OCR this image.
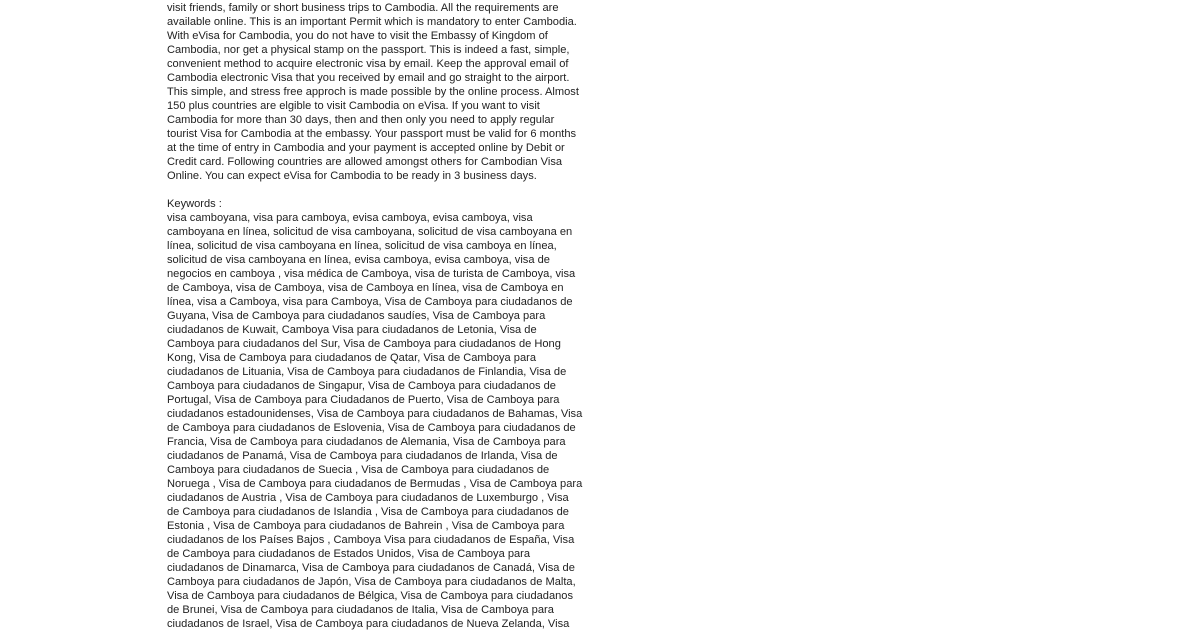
visit friends, family or short business trips to Cambodia. All the requirements are
available online. This is an important Permit which is mandatory to enter Cambodia.
With eVisa for Cambodia, you do not have to visit the Embassy of Kingdom of
Cambodia, nor get a physical stamp on the passport. This is indeed a fast, simple,
convenient method to acquire electronic visa by email. Keep the approval email of
Cambodia electronic Visa that you received by email and go straight to the airport.
This simple, and stress free approch is made possible by the online process. Almost
150 plus countries are elgible to visit Cambodia on eVisa. If you want to visit
Cambodia for more than 30 days, then and then only you need to apply regular
tourist Visa for Cambodia at the embassy. Your passport must be valid for 6 months
at the time of entry in Cambodia and your payment is accepted online by Debit or
Credit card. Following countries are allowed amongst others for Cambodian Visa
Online. You can expect eVisa for Cambodia to be ready in 3 business days.
Keywords :
visa camboyana, visa para camboya, evisa camboya, evisa camboya, visa
camboyana en línea, solicitud de visa camboyana, solicitud de visa camboyana en
línea, solicitud de visa camboyana en línea, solicitud de visa camboya en línea,
solicitud de visa camboyana en línea, evisa camboya, evisa camboya, visa de
negocios en camboya , visa médica de Camboya, visa de turista de Camboya, visa
de Camboya, visa de Camboya, visa de Camboya en línea, visa de Camboya en
línea, visa a Camboya, visa para Camboya, Visa de Camboya para ciudadanos de
Guyana, Visa de Camboya para ciudadanos saudíes, Visa de Camboya para
ciudadanos de Kuwait, Camboya Visa para ciudadanos de Letonia, Visa de
Camboya para ciudadanos del Sur, Visa de Camboya para ciudadanos de Hong
Kong, Visa de Camboya para ciudadanos de Qatar, Visa de Camboya para
ciudadanos de Lituania, Visa de Camboya para ciudadanos de Finlandia, Visa de
Camboya para ciudadanos de Singapur, Visa de Camboya para ciudadanos de
Portugal, Visa de Camboya para Ciudadanos de Puerto, Visa de Camboya para
ciudadanos estadounidenses, Visa de Camboya para ciudadanos de Bahamas, Visa
de Camboya para ciudadanos de Eslovenia, Visa de Camboya para ciudadanos de
Francia, Visa de Camboya para ciudadanos de Alemania, Visa de Camboya para
ciudadanos de Panamá, Visa de Camboya para ciudadanos de Irlanda, Visa de
Camboya para ciudadanos de Suecia , Visa de Camboya para ciudadanos de
Noruega , Visa de Camboya para ciudadanos de Bermudas , Visa de Camboya para
ciudadanos de Austria , Visa de Camboya para ciudadanos de Luxemburgo , Visa
de Camboya para ciudadanos de Islandia , Visa de Camboya para ciudadanos de
Estonia , Visa de Camboya para ciudadanos de Bahrein , Visa de Camboya para
ciudadanos de los Países Bajos , Camboya Visa para ciudadanos de España, Visa
de Camboya para ciudadanos de Estados Unidos, Visa de Camboya para
ciudadanos de Dinamarca, Visa de Camboya para ciudadanos de Canadá, Visa de
Camboya para ciudadanos de Japón, Visa de Camboya para ciudadanos de Malta,
Visa de Camboya para ciudadanos de Bélgica, Visa de Camboya para ciudadanos
de Brunei, Visa de Camboya para ciudadanos de Italia, Visa de Camboya para
ciudadanos de Israel, Visa de Camboya para ciudadanos de Nueva Zelanda, Visa
